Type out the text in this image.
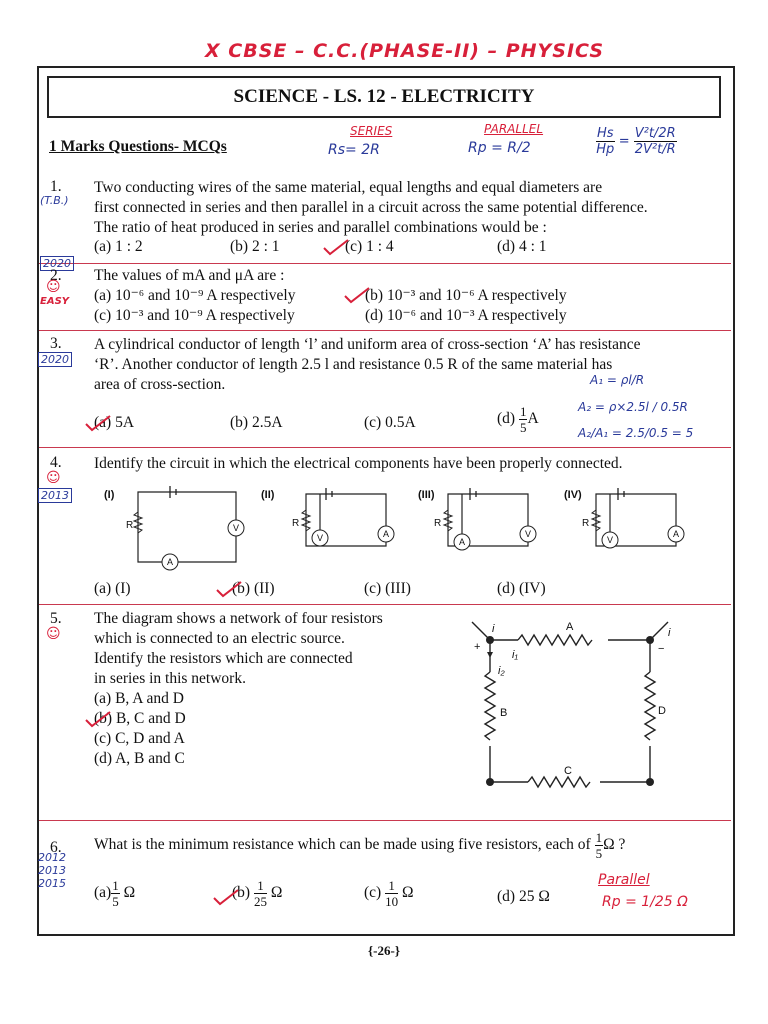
X CBSE – C.C.(PHASE-II) – PHYSICS
SCIENCE - LS. 12 - ELECTRICITY
1 Marks Questions- MCQs
SERIES
Rs= 2R
PARALLEL
Rp = R/2	$\frac{Hs}{Hp} = \frac{\text{V²t/2R}}{\text{2V²t/R}}$
1.
(T.B.)
Two conducting wires of the same material, equal lengths and equal diameters are
first connected in series and then parallel in a circuit across the same potential difference.
The ratio of heat produced in series and parallel combinations would be :
(a) 1 : 2	(b) 2 : 1	(c) 1 : 4	(d) 4 : 1
2020
2.
☺
EASY
The values of mA and μA are :
(a) 10⁻⁶ and 10⁻⁹ A respectively	(b) 10⁻³ and 10⁻⁶ A respectively
(c) 10⁻³ and 10⁻⁹ A respectively	(d) 10⁻⁶ and 10⁻³ A respectively
3.
2020
A cylindrical conductor of length ‘l’ and uniform area of cross-section ‘A’ has resistance
‘R’. Another conductor of length 2.5 l and resistance 0.5 R of the same material has
area of cross-section.	A₁ = ρl/R
A₂ = ρ×2.5l / 0.5R
A₂/A₁ = 2.5/0.5 = 5
(a) 5A	(b) 2.5A	(c) 0.5A	$(d) \frac{1}{5}$ A
4.
☺
2013
Identify the circuit in which the electrical components have been properly connected.
(I)	(II)	(III)	(IV)
V
A
V	A
A
V
V
A
R	R	R	R
(a) (I)	(b) (II)	(c) (III)	(d) (IV)
5.
☺
The diagram shows a network of four resistors
which is connected to an electric source.
Identify the resistors which are connected
in series in this network.
(a) B, A and D
(b) B, C and D
(c) C, D and A
(d) A, B and C
A
B
C
D
i	i
i₁
i₂
+	−
6.
2012
2013
2015
What is the minimum resistance which can be made using five resistors, each of $\frac{1}{5}$ Ω ?
$(a) \frac{1}{5}$ Ω	$(b) \frac{1}{25}$ Ω	$(c) \frac{1}{10}$ Ω	(d) 25 Ω
Parallel
Rp = 1/25 Ω
{-26-}
